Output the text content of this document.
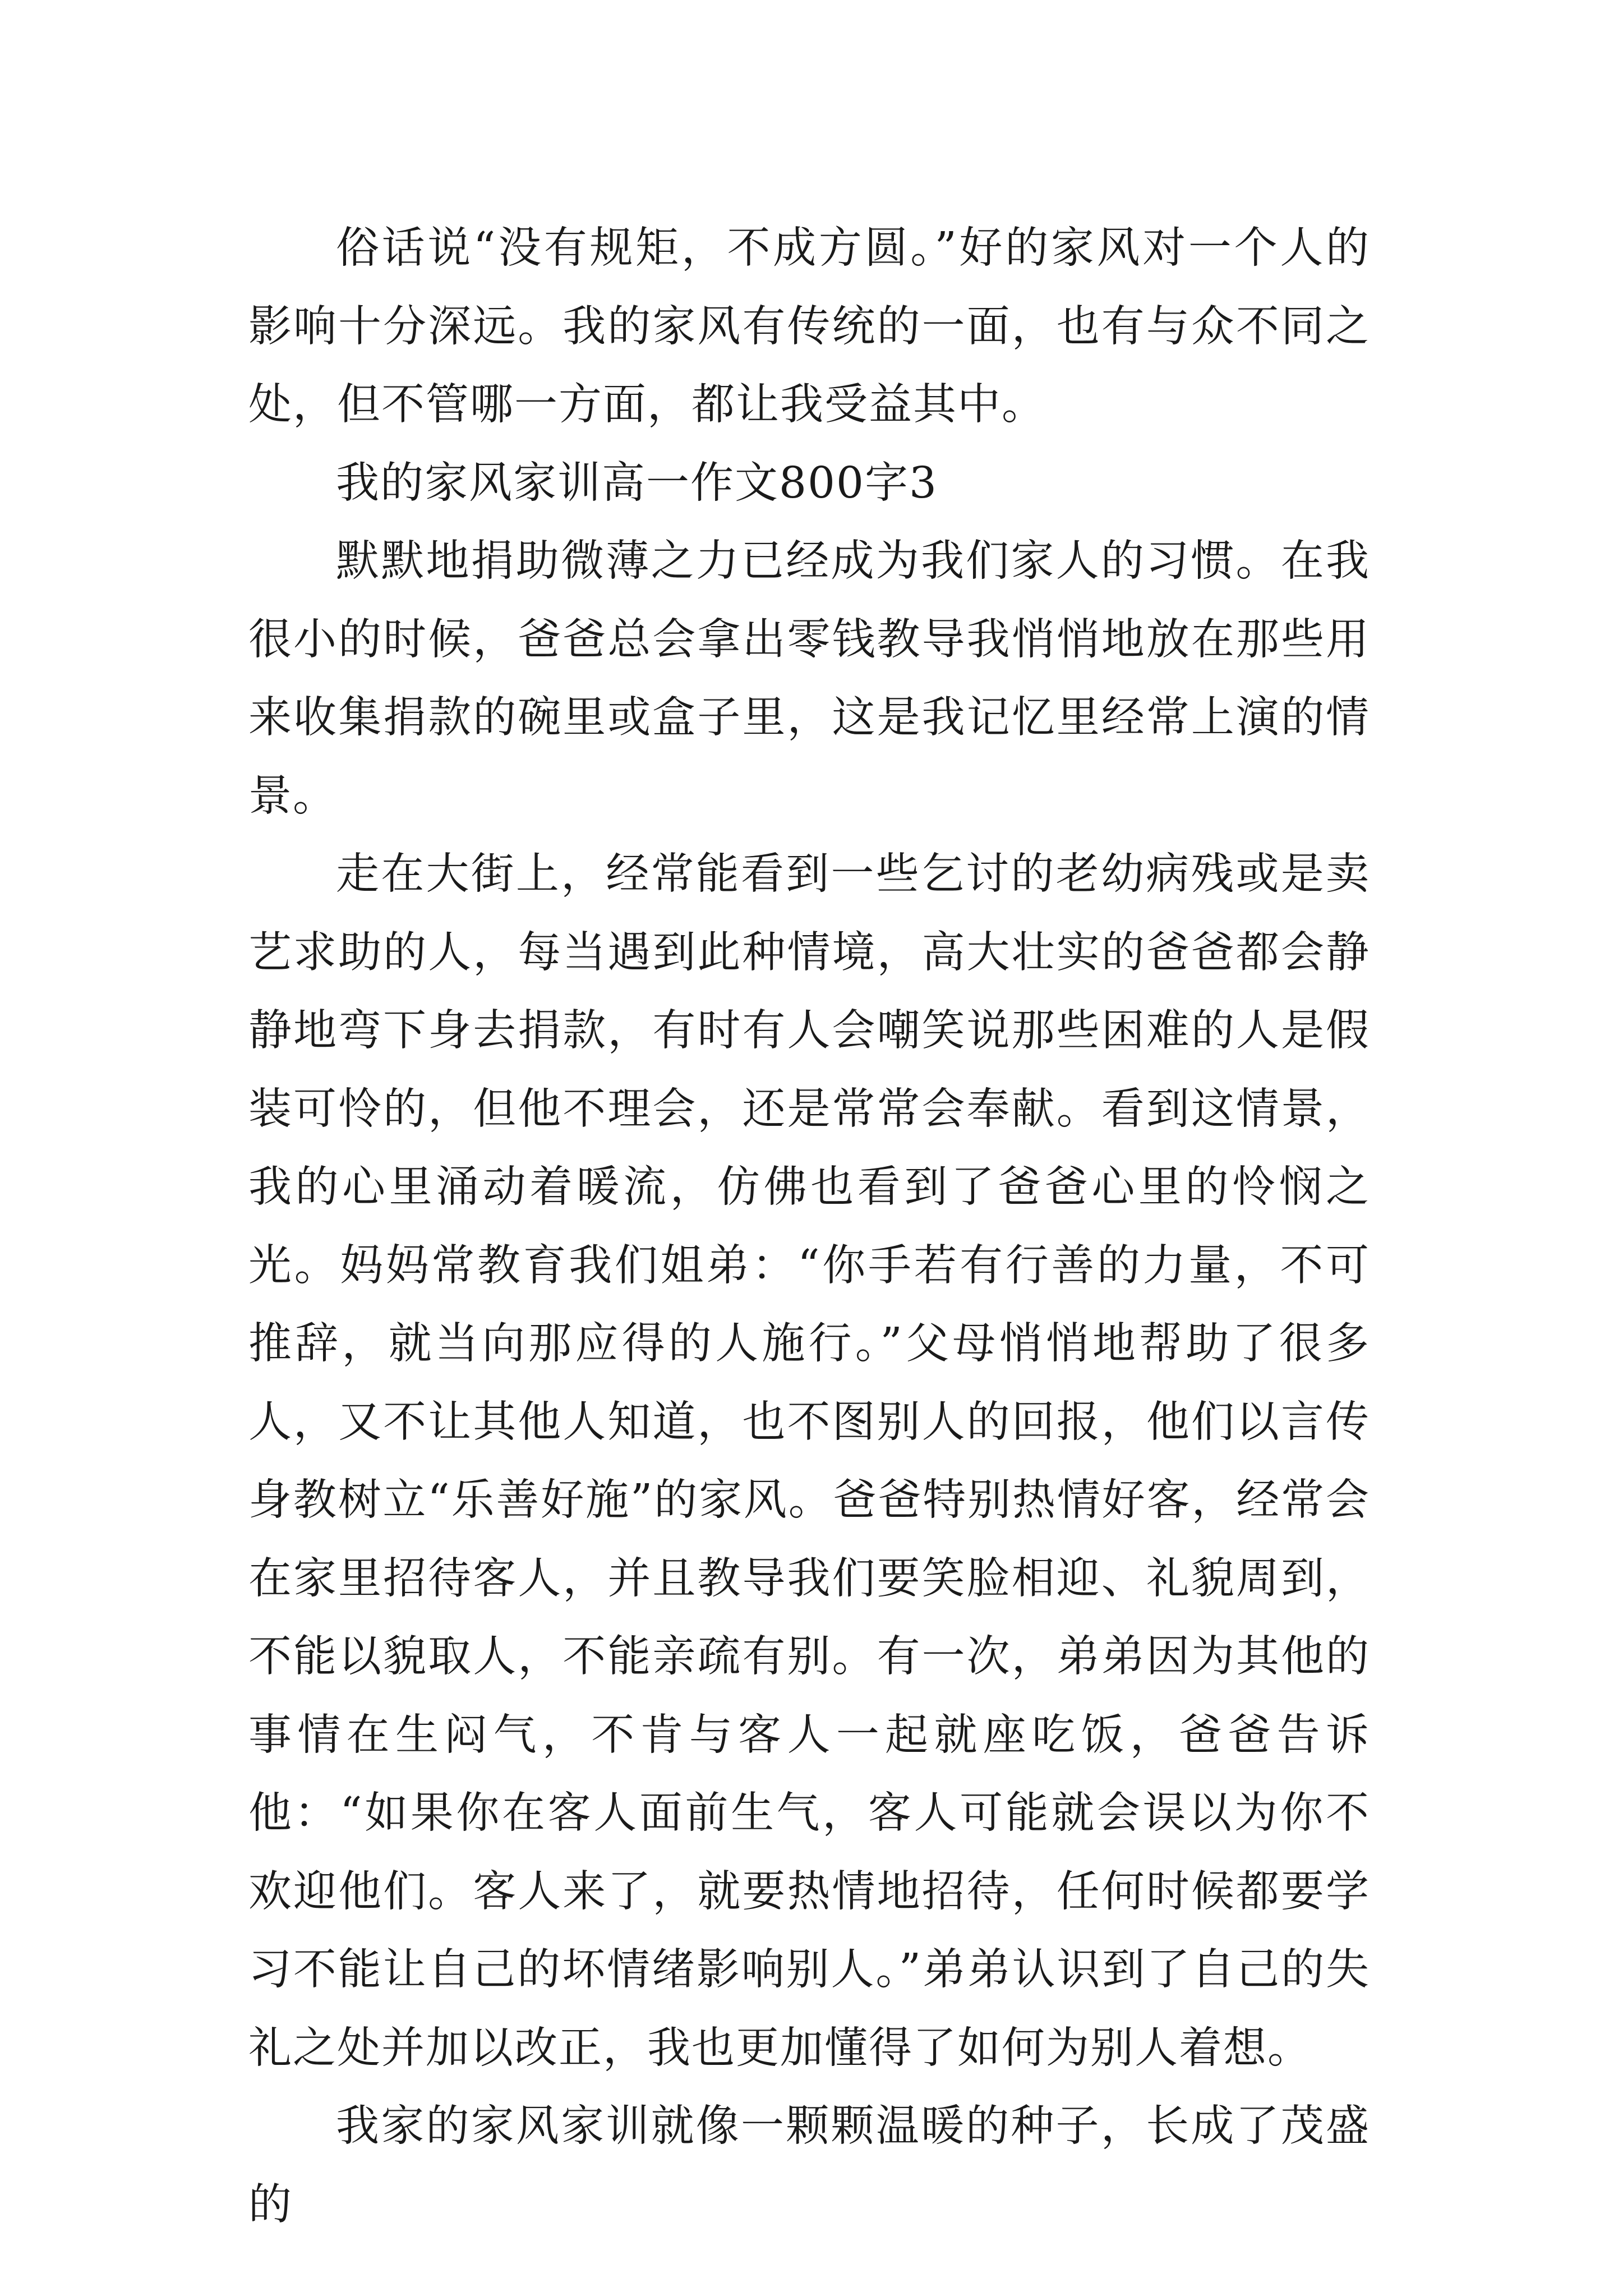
俗话说“没有规矩，不成方圆。”好的家风对一个人的影响十分深远。我的家风有传统的一面，也有与众不同之处，但不管哪一方面，都让我受益其中。

我的家风家训高一作文800字3

默默地捐助微薄之力已经成为我们家人的习惯。在我很小的时候，爸爸总会拿出零钱教导我悄悄地放在那些用来收集捐款的碗里或盒子里，这是我记忆里经常上演的情景。

走在大街上，经常能看到一些乞讨的老幼病残或是卖艺求助的人，每当遇到此种情境，高大壮实的爸爸都会静静地弯下身去捐款，有时有人会嘲笑说那些困难的人是假装可怜的，但他不理会，还是常常会奉献。看到这情景，我的心里涌动着暖流，仿佛也看到了爸爸心里的怜悯之光。妈妈常教育我们姐弟：“你手若有行善的力量，不可推辞，就当向那应得的人施行。”父母悄悄地帮助了很多人，又不让其他人知道，也不图别人的回报，他们以言传身教树立“乐善好施”的家风。爸爸特别热情好客，经常会在家里招待客人，并且教导我们要笑脸相迎、礼貌周到，不能以貌取人，不能亲疏有别。有一次，弟弟因为其他的事情在生闷气，不肯与客人一起就座吃饭，爸爸告诉他：“如果你在客人面前生气，客人可能就会误以为你不欢迎他们。客人来了，就要热情地招待，任何时候都要学习不能让自己的坏情绪影响别人。”弟弟认识到了自己的失礼之处并加以改正，我也更加懂得了如何为别人着想。

我家的家风家训就像一颗颗温暖的种子，长成了茂盛的
